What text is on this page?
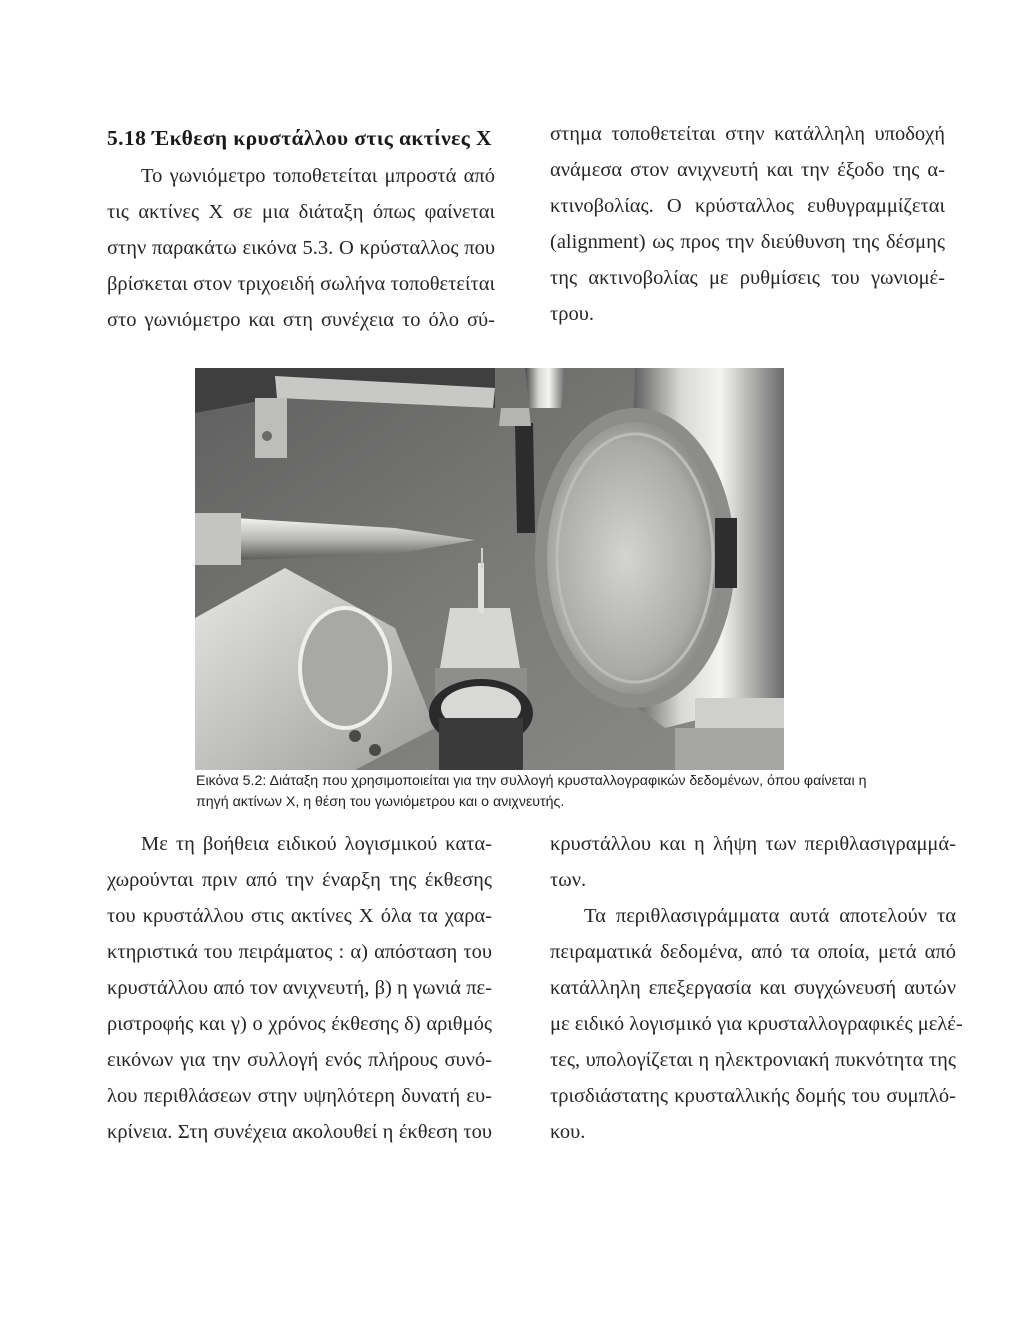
5.18 Έκθεση κρυστάλλου στις ακτίνες Χ
Το γωνιόμετρο τοποθετείται μπροστά από
τις ακτίνες Χ σε μια διάταξη όπως φαίνεται
στην παρακάτω εικόνα 5.3. Ο κρύσταλλος που
βρίσκεται στον τριχοειδή σωλήνα τοποθετείται
στο γωνιόμετρο και στη συνέχεια το όλο σύ-
στημα τοποθετείται στην κατάλληλη υποδοχή
ανάμεσα στον ανιχνευτή και την έξοδο της α-
κτινοβολίας. Ο κρύσταλλος ευθυγραμμίζεται
(alignment) ως προς την διεύθυνση της δέσμης
της ακτινοβολίας με ρυθμίσεις του γωνιομέ-
τρου.
Εικόνα 5.2: Διάταξη που χρησιμοποιείται για την συλλογή κρυσταλλογραφικών δεδομένων, όπου φαίνεται η
πηγή ακτίνων Χ, η θέση του γωνιόμετρου και ο ανιχνευτής.
Με τη βοήθεια ειδικού λογισμικού κατα-
χωρούνται πριν από την έναρξη της έκθεσης
του κρυστάλλου στις ακτίνες Χ όλα τα χαρα-
κτηριστικά του πειράματος : α) απόσταση του
κρυστάλλου από τον ανιχνευτή, β) η γωνιά πε-
ριστροφής και γ) ο χρόνος έκθεσης δ) αριθμός
εικόνων για την συλλογή ενός πλήρους συνό-
λου περιθλάσεων στην υψηλότερη δυνατή ευ-
κρίνεια. Στη συνέχεια ακολουθεί η έκθεση του
κρυστάλλου και η λήψη των περιθλασιγραμμά-
των.
Τα περιθλασιγράμματα αυτά αποτελούν τα
πειραματικά δεδομένα, από τα οποία, μετά από
κατάλληλη επεξεργασία και συγχώνευσή αυτών
με ειδικό λογισμικό για κρυσταλλογραφικές μελέ-
τες, υπολογίζεται η ηλεκτρονιακή πυκνότητα της
τρισδιάστατης κρυσταλλικής δομής του συμπλό-
κου.
